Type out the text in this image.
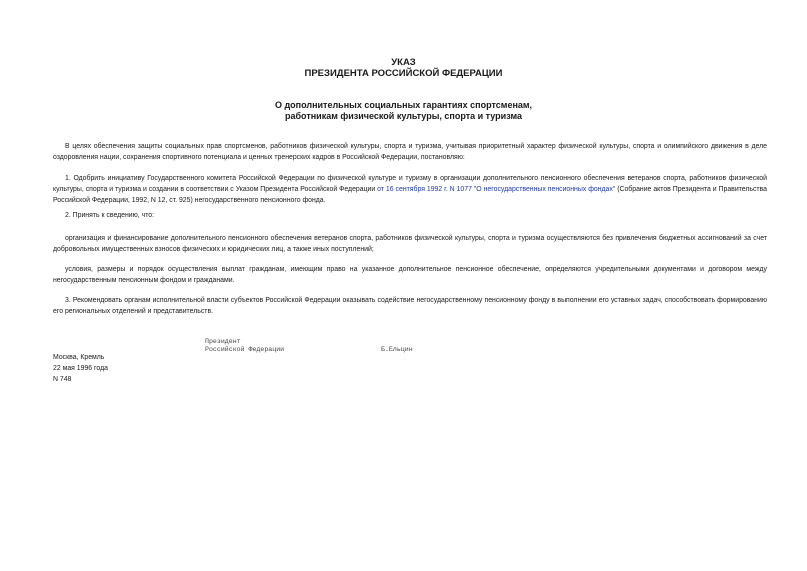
УКАЗ
ПРЕЗИДЕНТА РОССИЙСКОЙ ФЕДЕРАЦИИ
О дополнительных социальных гарантиях спортсменам,
работникам физической культуры, спорта и туризма

В целях обеспечения защиты социальных прав спортсменов, работников физической культуры, спорта и туризма, учитывая приоритетный характер физической культуры, спорта и олимпийского движения в деле оздоровления нации, сохранения спортивного потенциала и ценных тренерских кадров в Российской Федерации, постановляю:

1. Одобрить инициативу Государственного комитета Российской Федерации по физической культуре и туризму в организации дополнительного пенсионного обеспечения ветеранов спорта, работников физической культуры, спорта и туризма и создании в соответствии с Указом Президента Российской Федерации от 16 сентября 1992 г. N 1077 "О негосударственных пенсионных фондах" (Собрание актов Президента и Правительства Российской Федерации, 1992, N 12, ст. 925) негосударственного пенсионного фонда.

2. Принять к сведению, что:

организация и финансирование дополнительного пенсионного обеспечения ветеранов спорта, работников физической культуры, спорта и туризма осуществляются без привлечения бюджетных ассигнований за счет добровольных имущественных взносов физических и юридических лиц, а также иных поступлений;

условия, размеры и порядок осуществления выплат гражданам, имеющим право на указанное дополнительное пенсионное обеспечение, определяются учредительными документами и договором между негосударственным пенсионным фондом и гражданами.

3. Рекомендовать органам исполнительной власти субъектов Российской Федерации оказывать содействие негосударственному пенсионному фонду в выполнении его уставных задач, способствовать формированию его региональных отделений и представительств.

Президент
Российской Федерации	Б.Ельцин
Москва, Кремль
22 мая 1996 года
N 748
